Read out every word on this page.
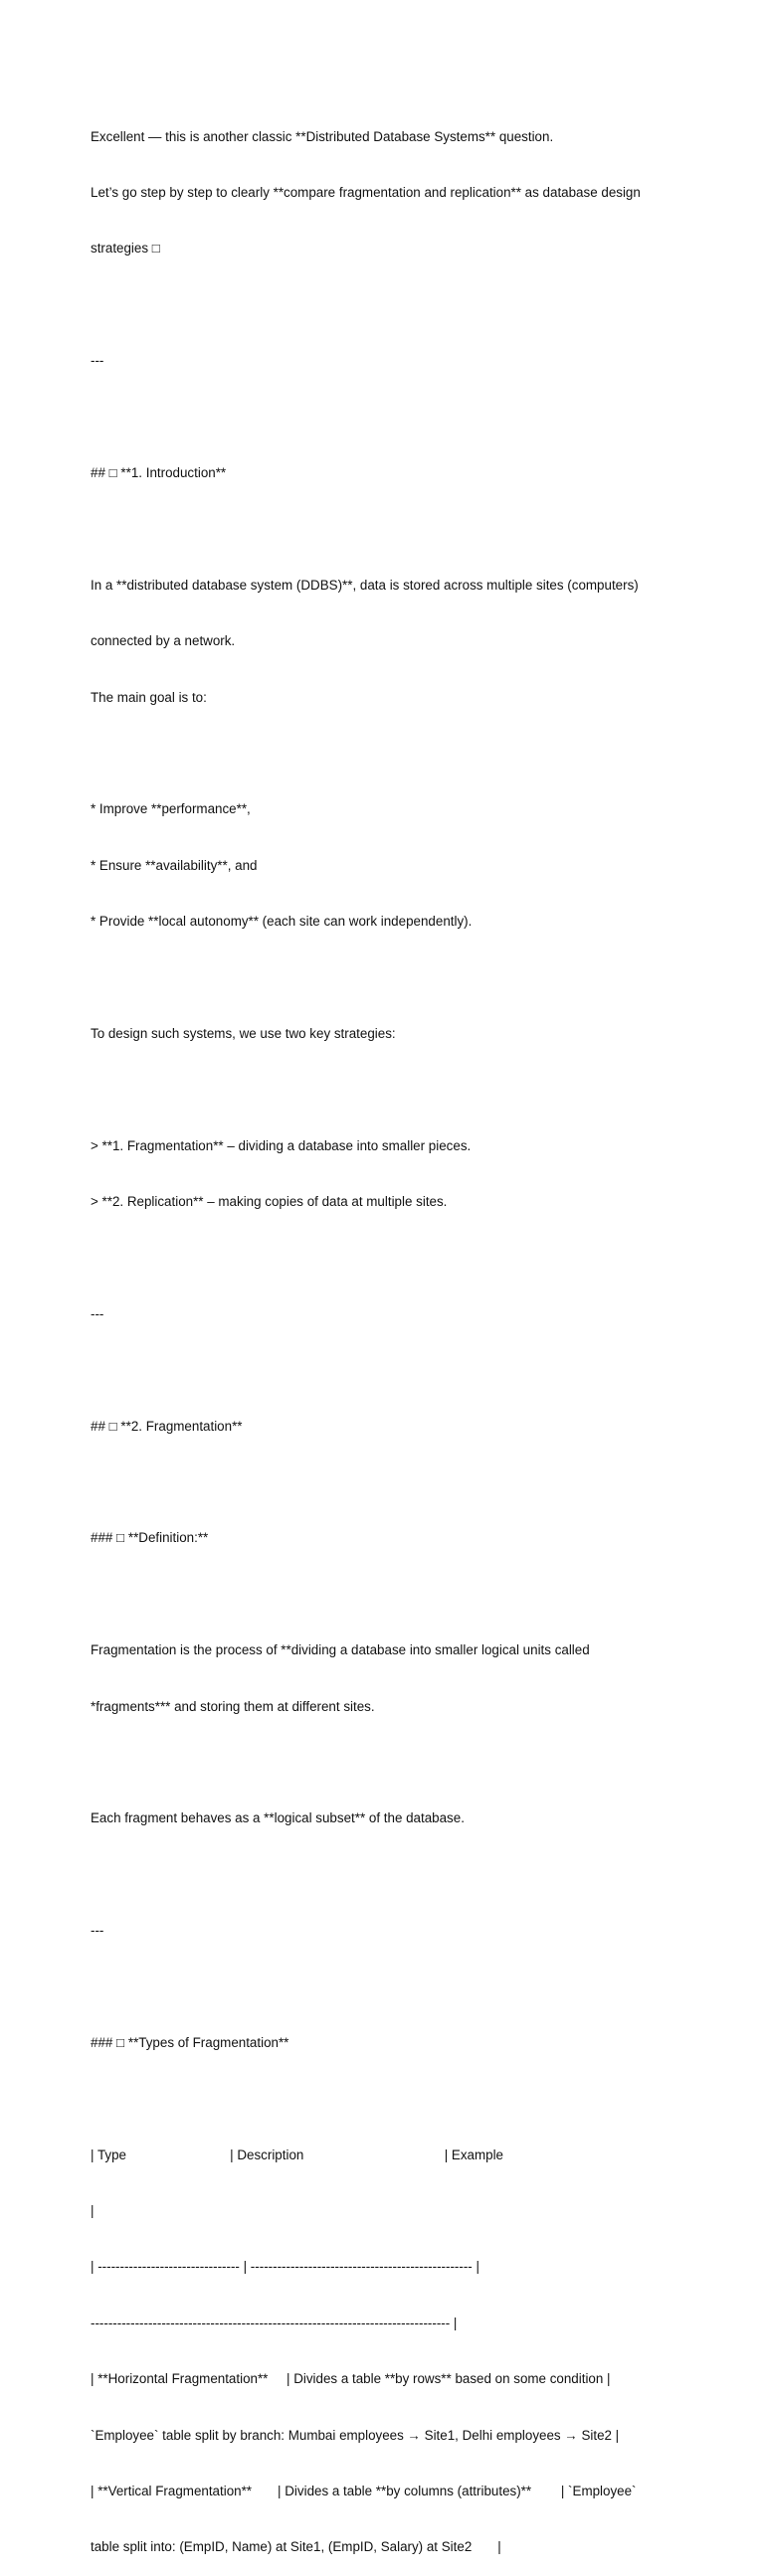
Excellent — this is another classic **Distributed Database Systems** question.

Let’s go step by step to clearly **compare fragmentation and replication** as database design

strategies □

---

## □ **1. Introduction**

In a **distributed database system (DDBS)**, data is stored across multiple sites (computers)

connected by a network.

The main goal is to:

* Improve **performance**,

* Ensure **availability**, and

* Provide **local autonomy** (each site can work independently).

To design such systems, we use two key strategies:

> **1. Fragmentation** – dividing a database into smaller pieces.

> **2. Replication** – making copies of data at multiple sites.

---

## □ **2. Fragmentation**

### □ **Definition:**

Fragmentation is the process of **dividing a database into smaller logical units called

*fragments*** and storing them at different sites.

Each fragment behaves as a **logical subset** of the database.

---

### □ **Types of Fragmentation**

| Type                            | Description                                      | Example

|

| -------------------------------- | -------------------------------------------------- |

--------------------------------------------------------------------------------- |

| **Horizontal Fragmentation**     | Divides a table **by rows** based on some condition |

`Employee` table split by branch: Mumbai employees → Site1, Delhi employees → Site2 |

| **Vertical Fragmentation**       | Divides a table **by columns (attributes)**        | `Employee`

table split into: (EmpID, Name) at Site1, (EmpID, Salary) at Site2       |
